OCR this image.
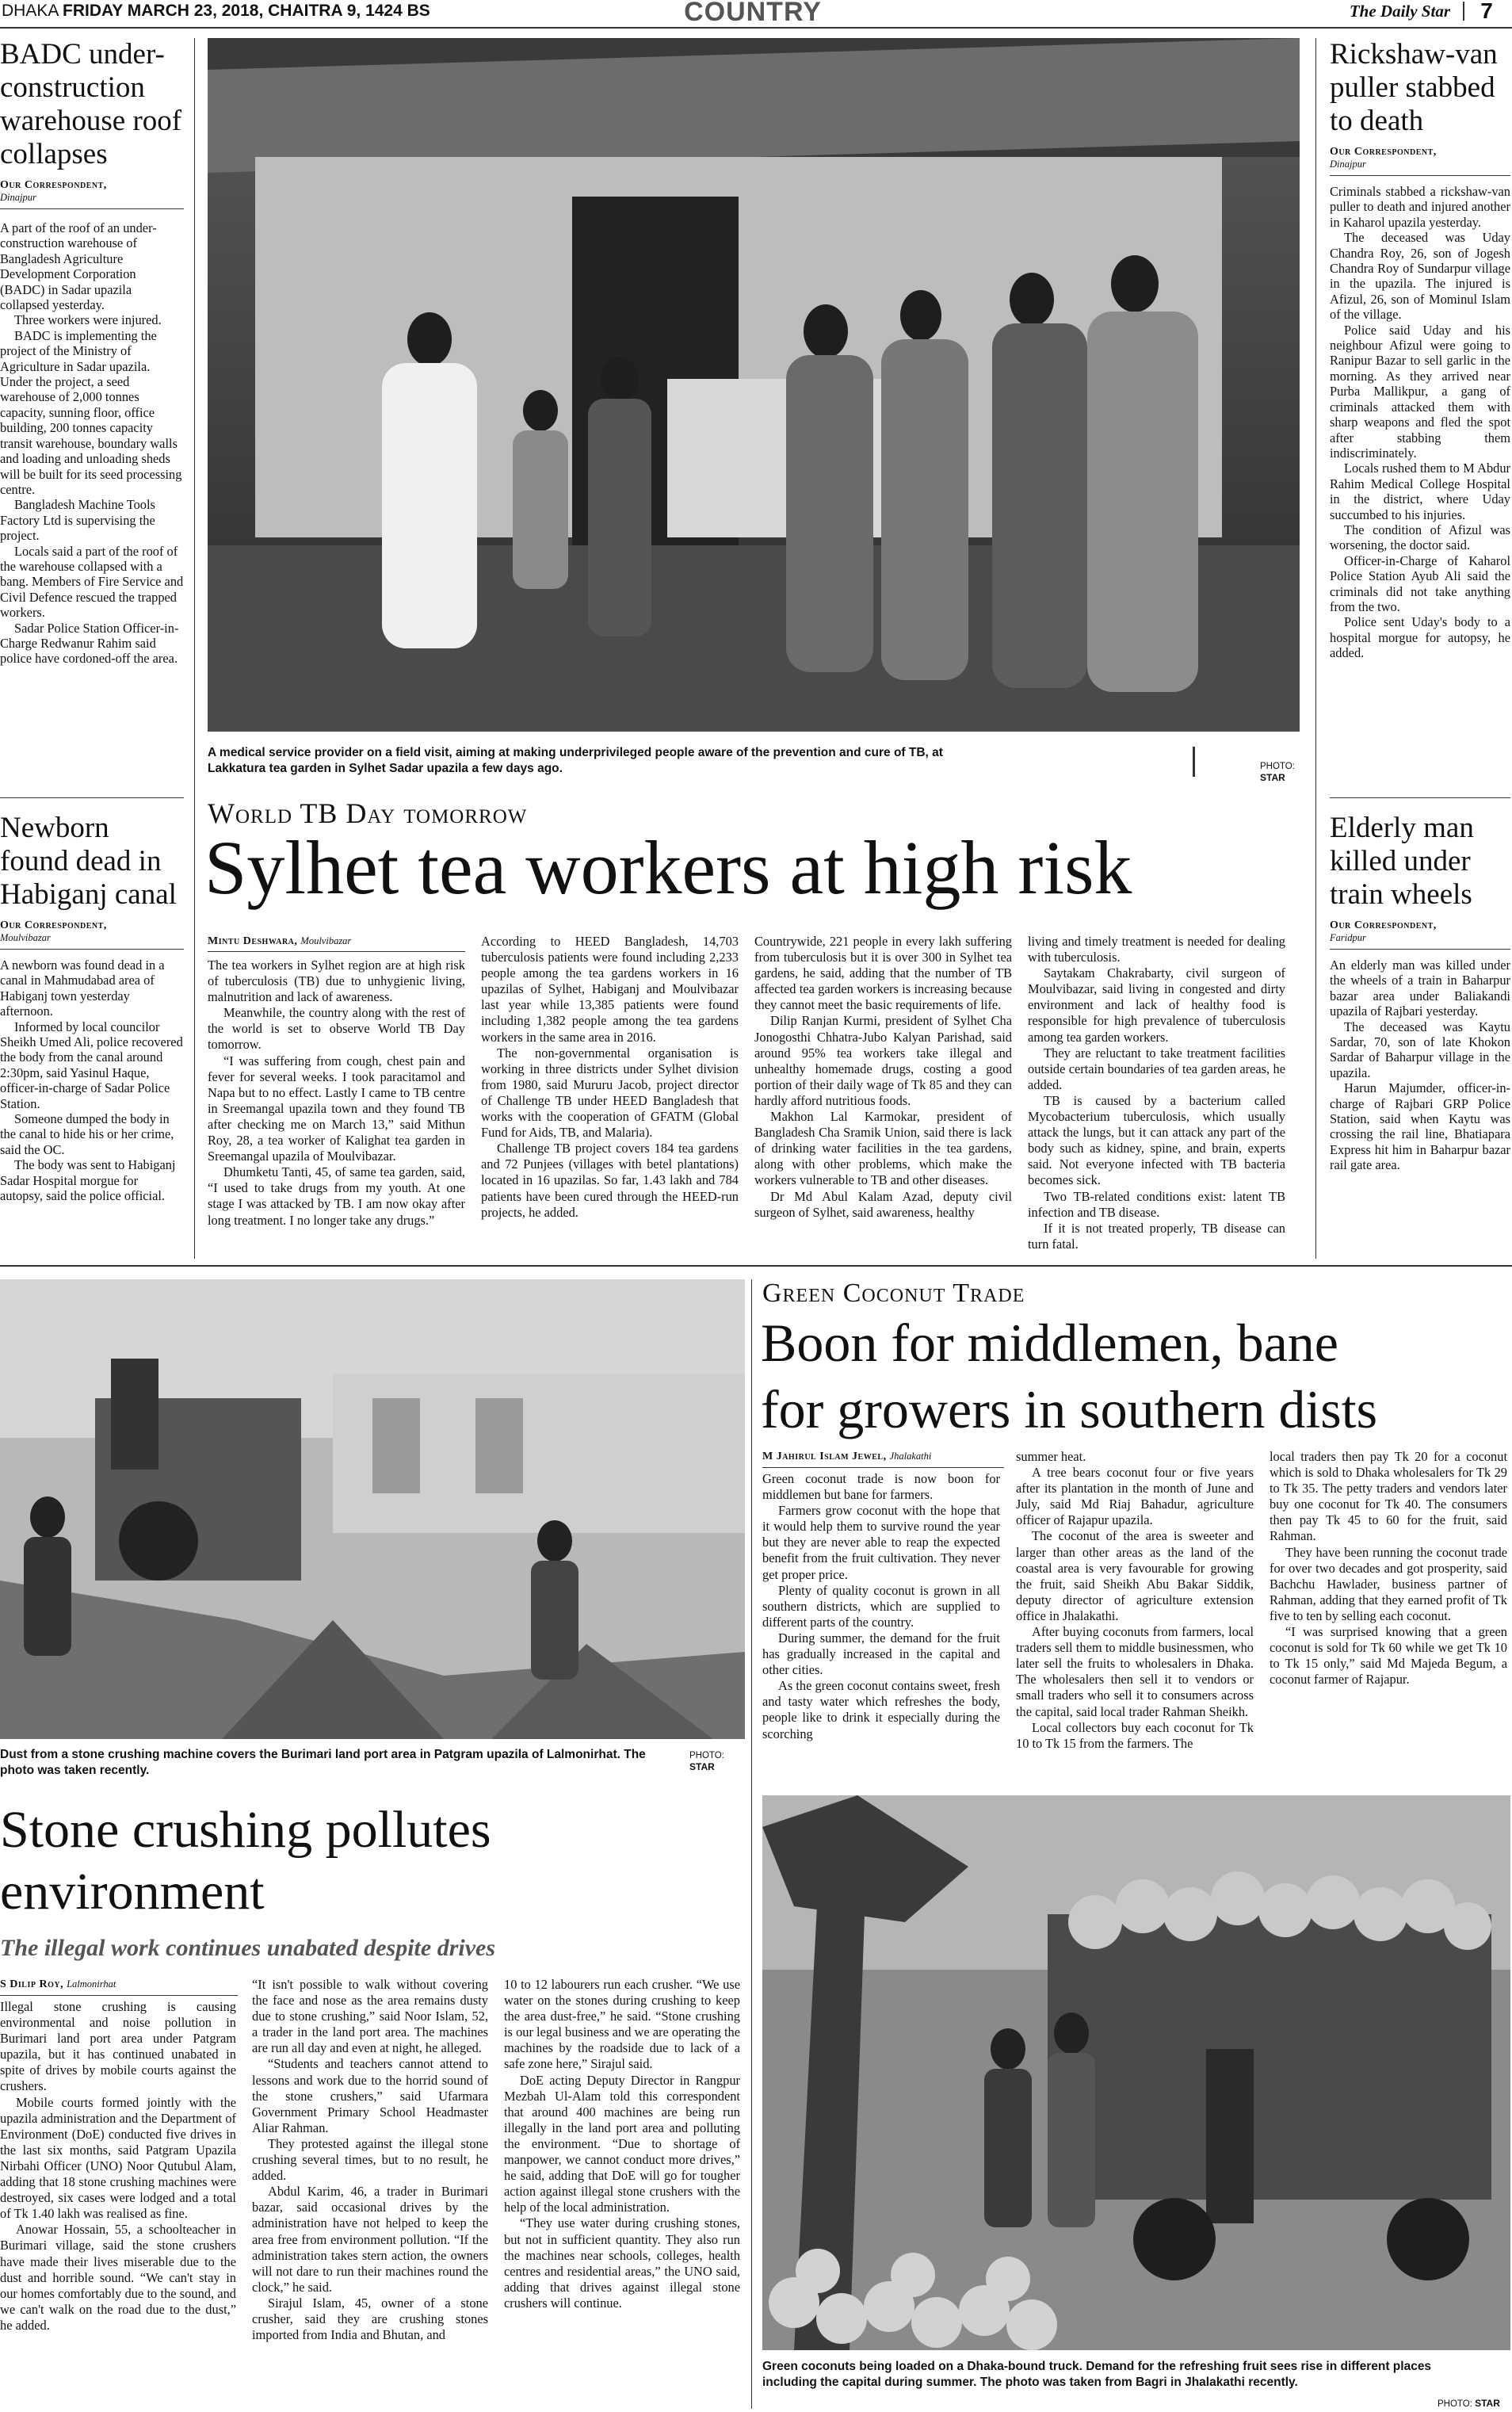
DHAKA FRIDAY MARCH 23, 2018, CHAITRA 9, 1424 BS	COUNTRY	The Daily Star	7
BADC under-construction warehouse roof collapses
Our Correspondent,
Dinajpur

A part of the roof of an under-construction warehouse of Bangladesh Agriculture Development Corporation (BADC) in Sadar upazila collapsed yesterday.

Three workers were injured.

BADC is implementing the project of the Ministry of Agriculture in Sadar upazila. Under the project, a seed warehouse of 2,000 tonnes capacity, sunning floor, office building, 200 tonnes capacity transit warehouse, boundary walls and loading and unloading sheds will be built for its seed processing centre.

Bangladesh Machine Tools Factory Ltd is supervising the project.

Locals said a part of the roof of the warehouse collapsed with a bang. Members of Fire Service and Civil Defence rescued the trapped workers.

Sadar Police Station Officer-in-Charge Redwanur Rahim said police have cordoned-off the area.

Newborn found dead in Habiganj canal
Our Correspondent,
Moulvibazar

A newborn was found dead in a canal in Mahmudabad area of Habiganj town yesterday afternoon.

Informed by local councilor Sheikh Umed Ali, police recovered the body from the canal around 2:30pm, said Yasinul Haque, officer-in-charge of Sadar Police Station.

Someone dumped the body in the canal to hide his or her crime, said the OC.

The body was sent to Habiganj Sadar Hospital morgue for autopsy, said the police official.

A medical service provider on a field visit, aiming at making underprivileged people aware of the prevention and cure of TB, at Lakkatura tea garden in Sylhet Sadar upazila a few days ago.	PHOTO:
STAR
World TB Day tomorrow
Sylhet tea workers at high risk
Mintu Deshwara, Moulvibazar

The tea workers in Sylhet region are at high risk of tuberculosis (TB) due to unhygienic living, malnutrition and lack of awareness.

Meanwhile, the country along with the rest of the world is set to observe World TB Day tomorrow.

“I was suffering from cough, chest pain and fever for several weeks. I took paracitamol and Napa but to no effect. Lastly I came to TB centre in Sreemangal upazila town and they found TB after checking me on March 13,” said Mithun Roy, 28, a tea worker of Kalighat tea garden in Sreemangal upazila of Moulvibazar.

Dhumketu Tanti, 45, of same tea garden, said, “I used to take drugs from my youth. At one stage I was attacked by TB. I am now okay after long treatment. I no longer take any drugs.”

According to HEED Bangladesh, 14,703 tuberculosis patients were found including 2,233 people among the tea gardens workers in 16 upazilas of Sylhet, Habiganj and Moulvibazar last year while 13,385 patients were found including 1,382 people among the tea gardens workers in the same area in 2016.

The non-governmental organisation is working in three districts under Sylhet division from 1980, said Mururu Jacob, project director of Challenge TB under HEED Bangladesh that works with the cooperation of GFATM (Global Fund for Aids, TB, and Malaria).

Challenge TB project covers 184 tea gardens and 72 Punjees (villages with betel plantations) located in 16 upazilas. So far, 1.43 lakh and 784 patients have been cured through the HEED-run projects, he added.

Countrywide, 221 people in every lakh suffering from tuberculosis but it is over 300 in Sylhet tea gardens, he said, adding that the number of TB affected tea garden workers is increasing because they cannot meet the basic requirements of life.

Dilip Ranjan Kurmi, president of Sylhet Cha Jonogosthi Chhatra-Jubo Kalyan Parishad, said around 95% tea workers take illegal and unhealthy homemade drugs, costing a good portion of their daily wage of Tk 85 and they can hardly afford nutritious foods.

Makhon Lal Karmokar, president of Bangladesh Cha Sramik Union, said there is lack of drinking water facilities in the tea gardens, along with other problems, which make the workers vulnerable to TB and other diseases.

Dr Md Abul Kalam Azad, deputy civil surgeon of Sylhet, said awareness, healthy

living and timely treatment is needed for dealing with tuberculosis.

Saytakam Chakrabarty, civil surgeon of Moulvibazar, said living in congested and dirty environment and lack of healthy food is responsible for high prevalence of tuberculosis among tea garden workers.

They are reluctant to take treatment facilities outside certain boundaries of tea garden areas, he added.

TB is caused by a bacterium called Mycobacterium tuberculosis, which usually attack the lungs, but it can attack any part of the body such as kidney, spine, and brain, experts said. Not everyone infected with TB bacteria becomes sick.

Two TB-related conditions exist: latent TB infection and TB disease.

If it is not treated properly, TB disease can turn fatal.

Rickshaw-van puller stabbed to death
Our Correspondent,
Dinajpur

Criminals stabbed a rickshaw-van puller to death and injured another in Kaharol upazila yesterday.

The deceased was Uday Chandra Roy, 26, son of Jogesh Chandra Roy of Sundarpur village in the upazila. The injured is Afizul, 26, son of Mominul Islam of the village.

Police said Uday and his neighbour Afizul were going to Ranipur Bazar to sell garlic in the morning. As they arrived near Purba Mallikpur, a gang of criminals attacked them with sharp weapons and fled the spot after stabbing them indiscriminately.

Locals rushed them to M Abdur Rahim Medical College Hospital in the district, where Uday succumbed to his injuries.

The condition of Afizul was worsening, the doctor said.

Officer-in-Charge of Kaharol Police Station Ayub Ali said the criminals did not take anything from the two.

Police sent Uday's body to a hospital morgue for autopsy, he added.

Elderly man killed under train wheels
Our Correspondent,
Faridpur

An elderly man was killed under the wheels of a train in Baharpur bazar area under Baliakandi upazila of Rajbari yesterday.

The deceased was Kaytu Sardar, 70, son of late Khokon Sardar of Baharpur village in the upazila.

Harun Majumder, officer-in-charge of Rajbari GRP Police Station, said when Kaytu was crossing the rail line, Bhatiapara Express hit him in Baharpur bazar rail gate area.

Dust from a stone crushing machine covers the Burimari land port area in Patgram upazila of Lalmonirhat. The photo was taken recently.
PHOTO:
STAR
Stone crushing pollutes environment
The illegal work continues unabated despite drives
S Dilip Roy, Lalmonirhat

Illegal stone crushing is causing environmental and noise pollution in Burimari land port area under Patgram upazila, but it has continued unabated in spite of drives by mobile courts against the crushers.

Mobile courts formed jointly with the upazila administration and the Department of Environment (DoE) conducted five drives in the last six months, said Patgram Upazila Nirbahi Officer (UNO) Noor Qutubul Alam, adding that 18 stone crushing machines were destroyed, six cases were lodged and a total of Tk 1.40 lakh was realised as fine.

Anowar Hossain, 55, a schoolteacher in Burimari village, said the stone crushers have made their lives miserable due to the dust and horrible sound. “We can't stay in our homes comfortably due to the sound, and we can't walk on the road due to the dust,” he added.

“It isn't possible to walk without covering the face and nose as the area remains dusty due to stone crushing,” said Noor Islam, 52, a trader in the land port area. The machines are run all day and even at night, he alleged.

“Students and teachers cannot attend to lessons and work due to the horrid sound of the stone crushers,” said Ufarmara Government Primary School Headmaster Aliar Rahman.

They protested against the illegal stone crushing several times, but to no result, he added.

Abdul Karim, 46, a trader in Burimari bazar, said occasional drives by the administration have not helped to keep the area free from environment pollution. “If the administration takes stern action, the owners will not dare to run their machines round the clock,” he said.

Sirajul Islam, 45, owner of a stone crusher, said they are crushing stones imported from India and Bhutan, and

10 to 12 labourers run each crusher. “We use water on the stones during crushing to keep the area dust-free,” he said. “Stone crushing is our legal business and we are operating the machines by the roadside due to lack of a safe zone here,” Sirajul said.

DoE acting Deputy Director in Rangpur Mezbah Ul-Alam told this correspondent that around 400 machines are being run illegally in the land port area and polluting the environment. “Due to shortage of manpower, we cannot conduct more drives,” he said, adding that DoE will go for tougher action against illegal stone crushers with the help of the local administration.

“They use water during crushing stones, but not in sufficient quantity. They also run the machines near schools, colleges, health centres and residential areas,” the UNO said, adding that drives against illegal stone crushers will continue.

Green Coconut Trade
Boon for middlemen, bane
for growers in southern dists
M Jahirul Islam Jewel, Jhalakathi

Green coconut trade is now boon for middlemen but bane for farmers.

Farmers grow coconut with the hope that it would help them to survive round the year but they are never able to reap the expected benefit from the fruit cultivation. They never get proper price.

Plenty of quality coconut is grown in all southern districts, which are supplied to different parts of the country.

During summer, the demand for the fruit has gradually increased in the capital and other cities.

As the green coconut contains sweet, fresh and tasty water which refreshes the body, people like to drink it especially during the scorching

summer heat.

A tree bears coconut four or five years after its plantation in the month of June and July, said Md Riaj Bahadur, agriculture officer of Rajapur upazila.

The coconut of the area is sweeter and larger than other areas as the land of the coastal area is very favourable for growing the fruit, said Sheikh Abu Bakar Siddik, deputy director of agriculture extension office in Jhalakathi.

After buying coconuts from farmers, local traders sell them to middle businessmen, who later sell the fruits to wholesalers in Dhaka. The wholesalers then sell it to vendors or small traders who sell it to consumers across the capital, said local trader Rahman Sheikh.

Local collectors buy each coconut for Tk 10 to Tk 15 from the farmers. The

local traders then pay Tk 20 for a coconut which is sold to Dhaka wholesalers for Tk 29 to Tk 35. The petty traders and vendors later buy one coconut for Tk 40. The consumers then pay Tk 45 to 60 for the fruit, said Rahman.

They have been running the coconut trade for over two decades and got prosperity, said Bachchu Hawlader, business partner of Rahman, adding that they earned profit of Tk five to ten by selling each coconut.

“I was surprised knowing that a green coconut is sold for Tk 60 while we get Tk 10 to Tk 15 only,” said Md Majeda Begum, a coconut farmer of Rajapur.

Green coconuts being loaded on a Dhaka-bound truck. Demand for the refreshing fruit sees rise in different places including the capital during summer. The photo was taken from Bagri in Jhalakathi recently.
PHOTO: STAR
